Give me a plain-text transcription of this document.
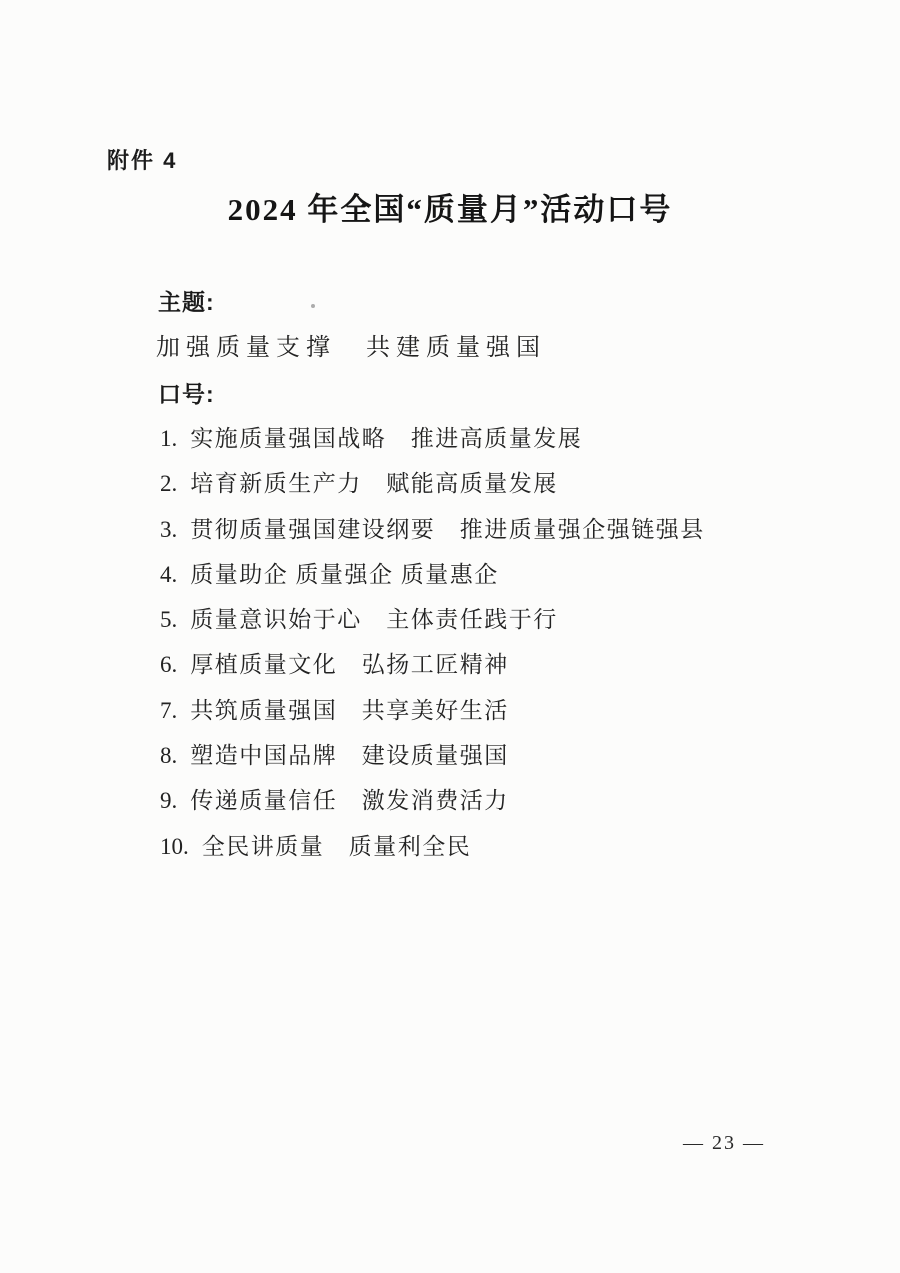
附件 4
2024 年全国“质量月”活动口号
主题:
加强质量支撑　共建质量强国
口号:
1. 实施质量强国战略　推进高质量发展
2. 培育新质生产力　赋能高质量发展
3. 贯彻质量强国建设纲要　推进质量强企强链强县
4. 质量助企 质量强企 质量惠企
5. 质量意识始于心　主体责任践于行
6. 厚植质量文化　弘扬工匠精神
7. 共筑质量强国　共享美好生活
8. 塑造中国品牌　建设质量强国
9. 传递质量信任　激发消费活力
10. 全民讲质量　质量利全民
— 23 —
